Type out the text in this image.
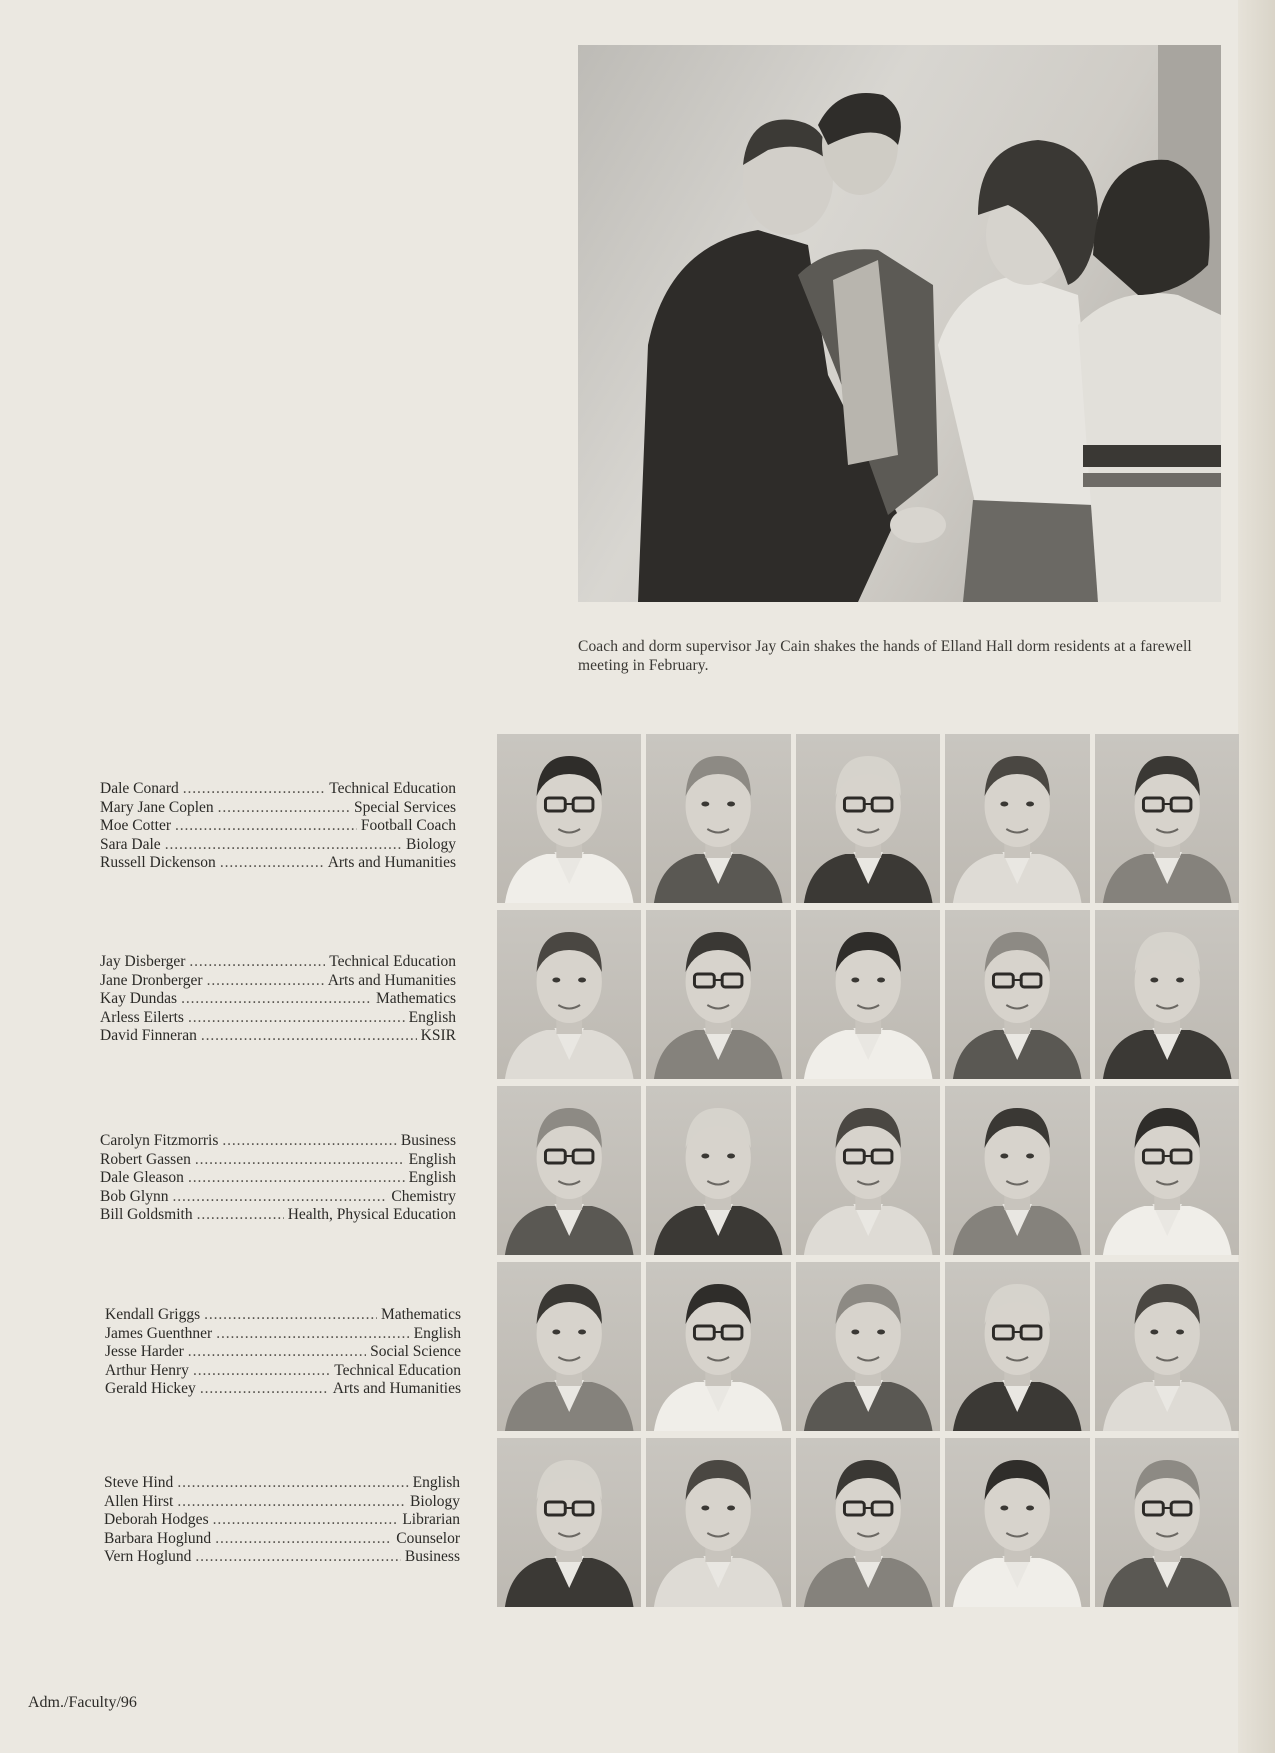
Coach and dorm supervisor Jay Cain shakes the hands of Elland Hall dorm residents at a farewell meeting in February.
Dale Conard . . .	Technical Education
Mary Jane Coplen . . .	Special Services
Moe Cotter . . .	Football Coach
Sara Dale . . .	Biology
Russell Dickenson . . .	Arts and Humanities
Jay Disberger . . .	Technical Education
Jane Dronberger . . .	Arts and Humanities
Kay Dundas . . .	Mathematics
Arless Eilerts . . .	English
David Finneran . . .	KSIR
Carolyn Fitzmorris . . .	Business
Robert Gassen . . .	English
Dale Gleason . . .	English
Bob Glynn . . .	Chemistry
Bill Goldsmith . . .	Health, Physical Education
Kendall Griggs . . .	Mathematics
James Guenthner . . .	English
Jesse Harder . . .	Social Science
Arthur Henry . . .	Technical Education
Gerald Hickey . . .	Arts and Humanities
Steve Hind . . .	English
Allen Hirst . . .	Biology
Deborah Hodges . . .	Librarian
Barbara Hoglund . . .	Counselor
Vern Hoglund . . .	Business
Adm./Faculty/96
